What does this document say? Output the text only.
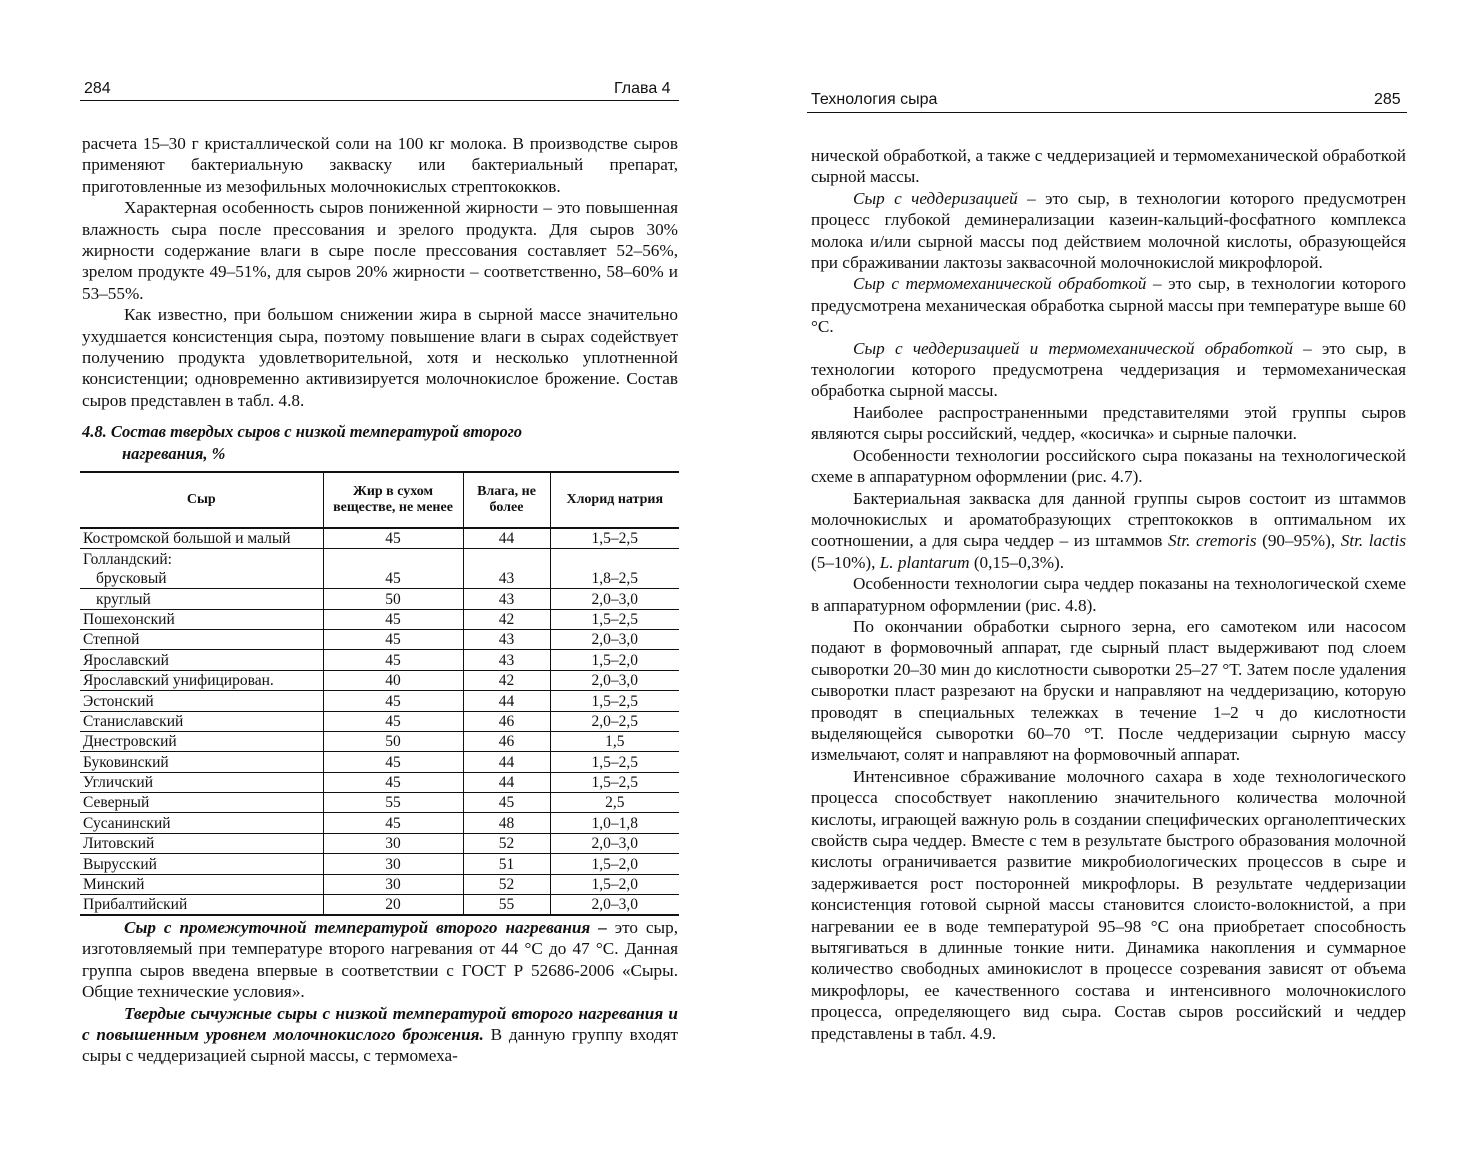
284	Глава 4

расчета 15–30 г кристаллической соли на 100 кг молока. В производстве сыров применяют бактериальную закваску или бактериальный препарат, приготовленные из мезофильных молочнокислых стрептококков.

Характерная особенность сыров пониженной жирности – это повышенная влажность сыра после прессования и зрелого продукта. Для сыров 30% жирности содержание влаги в сыре после прессования составляет 52–56%, зрелом продукте 49–51%, для сыров 20% жирности – соответственно, 58–60% и 53–55%.

Как известно, при большом снижении жира в сырной массе значительно ухудшается консистенция сыра, поэтому повышение влаги в сырах содействует получению продукта удовлетворительной, хотя и несколько уплотненной консистенции; одновременно активизируется молочнокислое брожение. Состав сыров представлен в табл. 4.8.

4.8. Состав твердых сыров с низкой температурой второго
нагревания, %
Сыр	Жир в сухом веществе, не менее	Влага, не более	Хлорид натрия
Костромской большой и малый	45	44	1,5–2,5
Голландский:			
брусковый	45	43	1,8–2,5
круглый	50	43	2,0–3,0
Пошехонский	45	42	1,5–2,5
Степной	45	43	2,0–3,0
Ярославский	45	43	1,5–2,0
Ярославский унифицирован.	40	42	2,0–3,0
Эстонский	45	44	1,5–2,5
Станиславский	45	46	2,0–2,5
Днестровский	50	46	1,5
Буковинский	45	44	1,5–2,5
Угличский	45	44	1,5–2,5
Северный	55	45	2,5
Сусанинский	45	48	1,0–1,8
Литовский	30	52	2,0–3,0
Вырусский	30	51	1,5–2,0
Минский	30	52	1,5–2,0
Прибалтийский	20	55	2,0–3,0

Сыр с промежуточной температурой второго нагревания – это сыр, изготовляемый при температуре второго нагревания от 44 °С до 47 °С. Данная группа сыров введена впервые в соответствии с ГОСТ Р 52686-2006 «Сыры. Общие технические условия».

Твердые сычужные сыры с низкой температурой второго нагревания и с повышенным уровнем молочнокислого брожения. В данную группу входят сыры с чеддеризацией сырной массы, с термомеха-

Технология сыра	285

нической обработкой, а также с чеддеризацией и термомеханической обработкой сырной массы.

Сыр с чеддеризацией – это сыр, в технологии которого предусмотрен процесс глубокой деминерализации казеин-кальций-фосфатного комплекса молока и/или сырной массы под действием молочной кислоты, образующейся при сбраживании лактозы заквасочной молочнокислой микрофлорой.

Сыр с термомеханической обработкой – это сыр, в технологии которого предусмотрена механическая обработка сырной массы при температуре выше 60 °С.

Сыр с чеддеризацией и термомеханической обработкой – это сыр, в технологии которого предусмотрена чеддеризация и термомеханическая обработка сырной массы.

Наиболее распространенными представителями этой группы сыров являются сыры российский, чеддер, «косичка» и сырные палочки.

Особенности технологии российского сыра показаны на технологической схеме в аппаратурном оформлении (рис. 4.7).

Бактериальная закваска для данной группы сыров состоит из штаммов молочнокислых и ароматобразующих стрептококков в оптимальном их соотношении, а для сыра чеддер – из штаммов Str. cremoris (90–95%), Str. lactis (5–10%), L. plantarum (0,15–0,3%).

Особенности технологии сыра чеддер показаны на технологической схеме в аппаратурном оформлении (рис. 4.8).

По окончании обработки сырного зерна, его самотеком или насосом подают в формовочный аппарат, где сырный пласт выдерживают под слоем сыворотки 20–30 мин до кислотности сыворотки 25–27 °Т. Затем после удаления сыворотки пласт разрезают на бруски и направляют на чеддеризацию, которую проводят в специальных тележках в течение 1–2 ч до кислотности выделяющейся сыворотки 60–70 °Т. После чеддеризации сырную массу измельчают, солят и направляют на формовочный аппарат.

Интенсивное сбраживание молочного сахара в ходе технологического процесса способствует накоплению значительного количества молочной кислоты, играющей важную роль в создании специфических органолептических свойств сыра чеддер. Вместе с тем в результате быстрого образования молочной кислоты ограничивается развитие микробиологических процессов в сыре и задерживается рост посторонней микрофлоры. В результате чеддеризации консистенция готовой сырной массы становится слоисто-волокнистой, а при нагревании ее в воде температурой 95–98 °С она приобретает способность вытягиваться в длинные тонкие нити. Динамика накопления и суммарное количество свободных аминокислот в процессе созревания зависят от объема микрофлоры, ее качественного состава и интенсивного молочнокислого процесса, определяющего вид сыра. Состав сыров российский и чеддер представлены в табл. 4.9.
